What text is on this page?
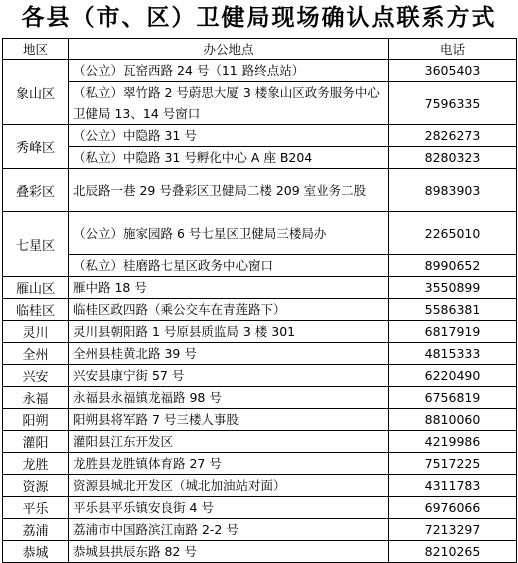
各县（市、区）卫健局现场确认点联系方式
地区	办公地点	电话
象山区	（公立）瓦窑西路 24 号（11 路终点站）	3605403
	（私立）翠竹路 2 号蔚思大厦 3 楼象山区政务服务中心卫健局 13、14 号窗口	7596335
秀峰区	（公立）中隐路 31 号	2826273
	（私立）中隐路 31 号孵化中心 A 座 B204	8280323
叠彩区	北辰路一巷 29 号叠彩区卫健局二楼 209 室业务二股	8983903
七星区	（公立）施家园路 6 号七星区卫健局三楼局办	2265010
	（私立）桂磨路七星区政务中心窗口	8990652
雁山区	雁中路 18 号	3550899
临桂区	临桂区政四路（乘公交车在青莲路下）	5586381
灵川	灵川县朝阳路 1 号原县质监局 3 楼 301	6817919
全州	全州县桂黄北路 39 号	4815333
兴安	兴安县康宁街 57 号	6220490
永福	永福县永福镇龙福路 98 号	6756819
阳朔	阳朔县将军路 7 号三楼人事股	8810060
灌阳	灌阳县江东开发区	4219986
龙胜	龙胜县龙胜镇体育路 27 号	7517225
资源	资源县城北开发区（城北加油站对面）	4311783
平乐	平乐县平乐镇安良街 4 号	6976066
荔浦	荔浦市中国路滨江南路 2-2 号	7213297
恭城	恭城县拱辰东路 82 号	8210265
